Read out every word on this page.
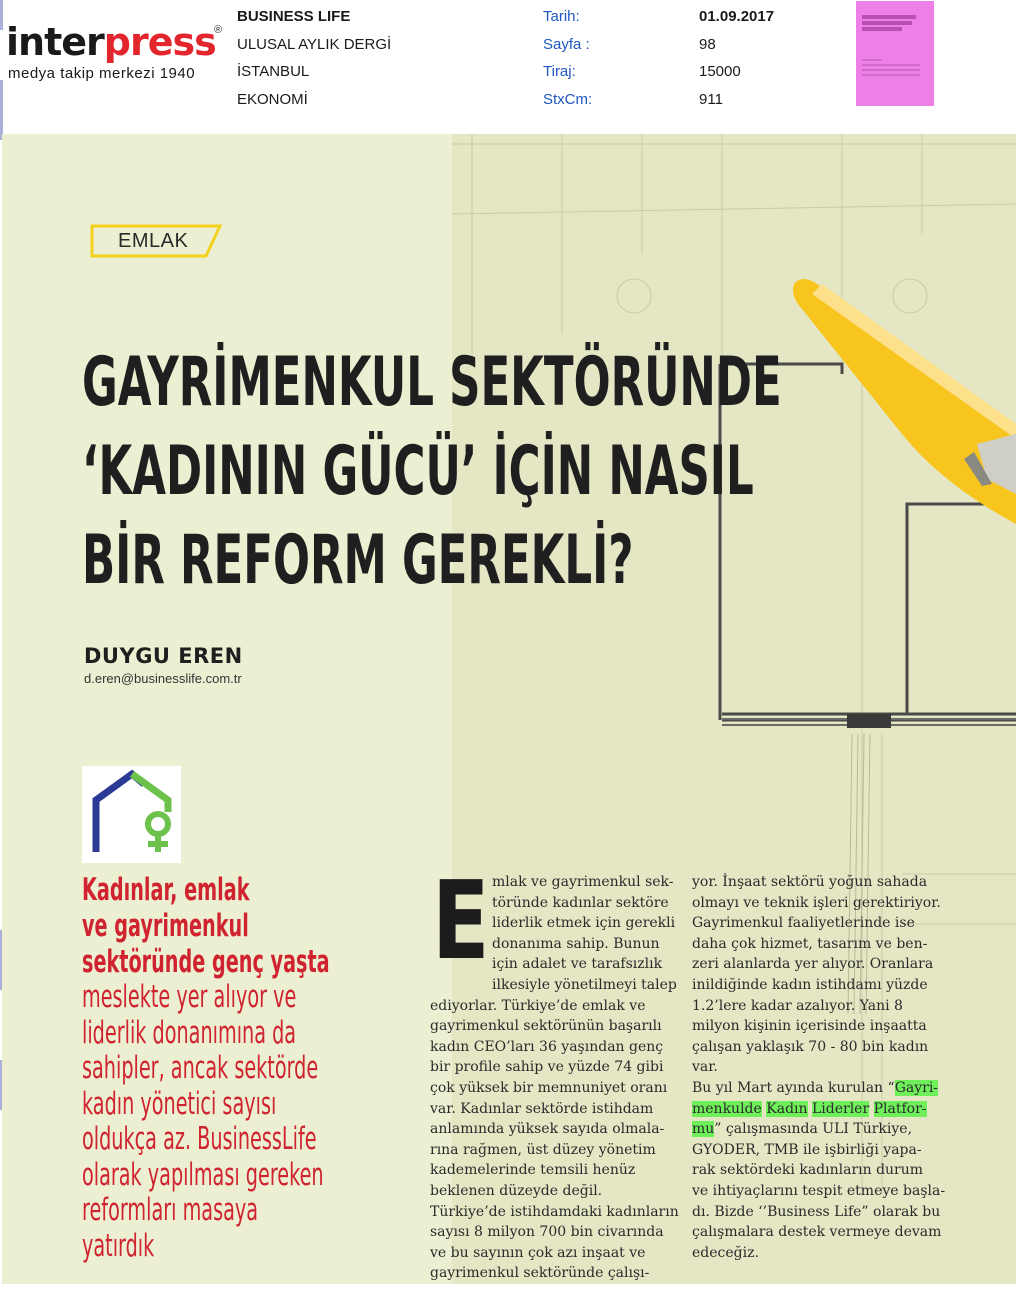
interpress
®
medya takip merkezi 1940
BUSINESS LIFE
ULUSAL AYLIK DERGİ
İSTANBUL
EKONOMİ
Tarih:
Sayfa :
Tiraj:
StxCm:
01.09.2017
98
15000
911
EMLAK
GAYRİMENKUL SEKTÖRÜNDE
‘KADININ GÜCÜ’ İÇİN NASIL
BİR REFORM GEREKLİ?
DUYGU EREN
d.eren@businesslife.com.tr
Kadınlar, emlak
ve gayrimenkul
sektöründe genç yaşta
meslekte yer alıyor ve
liderlik donanımına da
sahipler, ancak sektörde
kadın yönetici sayısı
oldukça az. BusinessLife
olarak yapılması gereken
reformları masaya
yatırdık
E mlak ve gayrimenkul sek-
töründe kadınlar sektöre
liderlik etmek için gerekli
donanıma sahip. Bunun
için adalet ve tarafsızlık
ilkesiyle yönetilmeyi talep
ediyorlar. Türkiye’de emlak ve
gayrimenkul sektörünün başarılı
kadın CEO’ları 36 yaşından genç
bir profile sahip ve yüzde 74 gibi
çok yüksek bir memnuniyet oranı
var. Kadınlar sektörde istihdam
anlamında yüksek sayıda olmala-
rına rağmen, üst düzey yönetim
kademelerinde temsili henüz
beklenen düzeyde değil.
Türkiye’de istihdamdaki kadınların
sayısı 8 milyon 700 bin civarında
ve bu sayının çok azı inşaat ve
gayrimenkul sektöründe çalışı-
yor. İnşaat sektörü yoğun sahada
olmayı ve teknik işleri gerektiriyor.
Gayrimenkul faaliyetlerinde ise
daha çok hizmet, tasarım ve ben-
zeri alanlarda yer alıyor. Oranlara
inildiğinde kadın istihdamı yüzde
1.2’lere kadar azalıyor. Yani 8
milyon kişinin içerisinde inşaatta
çalışan yaklaşık 70 - 80 bin kadın
var.
Bu yıl Mart ayında kurulan “Gayri-
menkulde Kadın Liderler Platfor-
mu” çalışmasında ULI Türkiye,
GYODER, TMB ile işbirliği yapa-
rak sektördeki kadınların durum
ve ihtiyaçlarını tespit etmeye başla-
dı. Bizde ‘’Business Life” olarak bu
çalışmalara destek vermeye devam
edeceğiz.
